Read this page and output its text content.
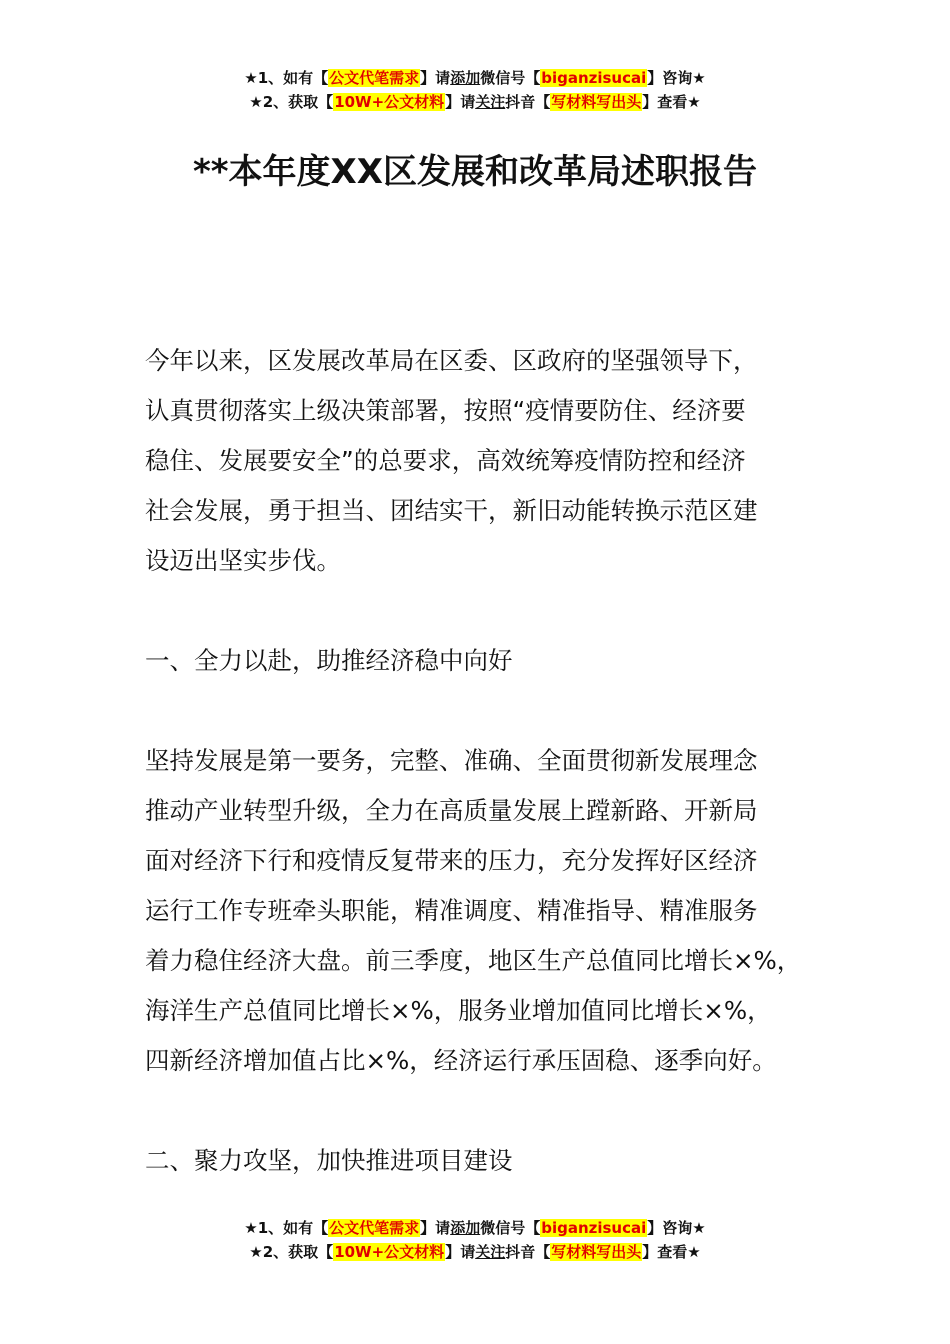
★1、如有【公文代笔需求】请添加微信号【biganzisucai】咨询★
★2、获取【10W+公文材料】请关注抖音【写材料写出头】查看★
**本年度XX区发展和改革局述职报告

今年以来，区发展改革局在区委、区政府的坚强领导下，

认真贯彻落实上级决策部署，按照“疫情要防住、经济要

稳住、发展要安全”的总要求，高效统筹疫情防控和经济

社会发展，勇于担当、团结实干，新旧动能转换示范区建

设迈出坚实步伐。

一、全力以赴，助推经济稳中向好

坚持发展是第一要务，完整、准确、全面贯彻新发展理念

推动产业转型升级，全力在高质量发展上蹚新路、开新局

面对经济下行和疫情反复带来的压力，充分发挥好区经济

运行工作专班牵头职能，精准调度、精准指导、精准服务

着力稳住经济大盘。前三季度，地区生产总值同比增长×%，

海洋生产总值同比增长×%，服务业增加值同比增长×%，

四新经济增加值占比×%，经济运行承压固稳、逐季向好。

二、聚力攻坚，加快推进项目建设

★1、如有【公文代笔需求】请添加微信号【biganzisucai】咨询★
★2、获取【10W+公文材料】请关注抖音【写材料写出头】查看★
